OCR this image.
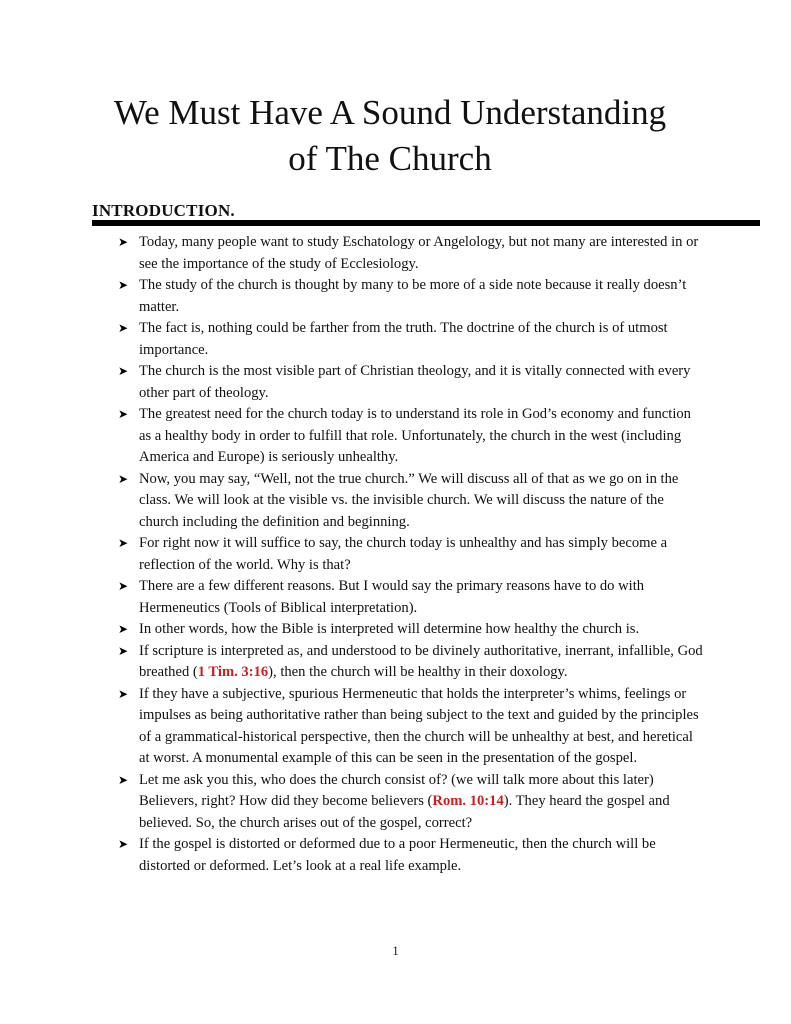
We Must Have A Sound Understanding
of The Church
INTRODUCTION.
➤ Today, many people want to study Eschatology or Angelology, but not many are interested in or see the importance of the study of Ecclesiology.
➤ The study of the church is thought by many to be more of a side note because it really doesn’t matter.
➤ The fact is, nothing could be farther from the truth. The doctrine of the church is of utmost importance.
➤ The church is the most visible part of Christian theology, and it is vitally connected with every other part of theology.
➤ The greatest need for the church today is to understand its role in God’s economy and function as a healthy body in order to fulfill that role. Unfortunately, the church in the west (including America and Europe) is seriously unhealthy.
➤ Now, you may say, “Well, not the true church.” We will discuss all of that as we go on in the class. We will look at the visible vs. the invisible church. We will discuss the nature of the church including the definition and beginning.
➤ For right now it will suffice to say, the church today is unhealthy and has simply become a reflection of the world. Why is that?
➤ There are a few different reasons. But I would say the primary reasons have to do with Hermeneutics (Tools of Biblical interpretation).
➤ In other words, how the Bible is interpreted will determine how healthy the church is.
➤ If scripture is interpreted as, and understood to be divinely authoritative, inerrant, infallible, God breathed (1 Tim. 3:16), then the church will be healthy in their doxology.
➤ If they have a subjective, spurious Hermeneutic that holds the interpreter’s whims, feelings or impulses as being authoritative rather than being subject to the text and guided by the principles of a grammatical-historical perspective, then the church will be unhealthy at best, and heretical at worst. A monumental example of this can be seen in the presentation of the gospel.
➤ Let me ask you this, who does the church consist of? (we will talk more about this later) Believers, right? How did they become believers (Rom. 10:14). They heard the gospel and believed. So, the church arises out of the gospel, correct?
➤ If the gospel is distorted or deformed due to a poor Hermeneutic, then the church will be distorted or deformed. Let’s look at a real life example.
1
